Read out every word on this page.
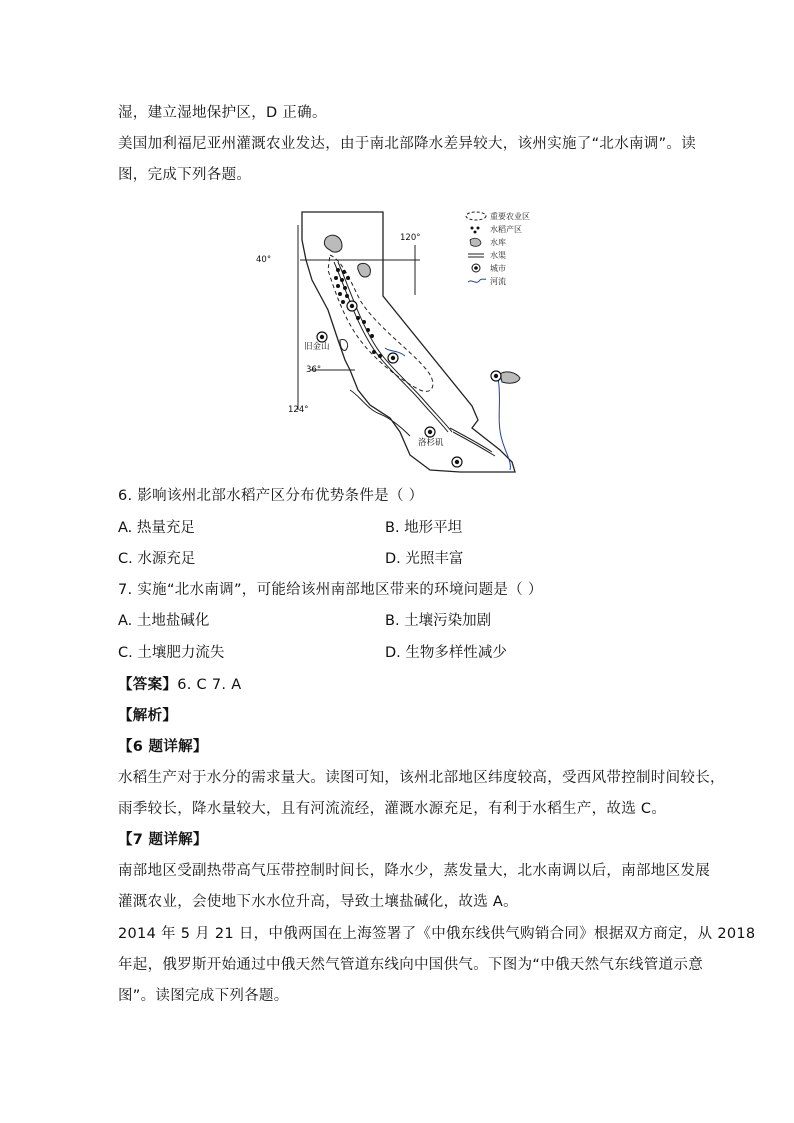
湿，建立湿地保护区，D 正确。
美国加利福尼亚州灌溉农业发达，由于南北部降水差异较大，该州实施了“北水南调”。读
图，完成下列各题。
40°
120°
36°
124°
旧金山
洛杉矶
重要农业区
水稻产区
水库
水渠
城市
河流
6. 影响该州北部水稻产区分布优势条件是（ ）
A. 热量充足	B. 地形平坦
C. 水源充足	D. 光照丰富
7. 实施“北水南调”，可能给该州南部地区带来的环境问题是（ ）
A. 土地盐碱化	B. 土壤污染加剧
C. 土壤肥力流失	D. 生物多样性减少
【答案】6. C 7. A
【解析】
【6 题详解】
水稻生产对于水分的需求量大。读图可知，该州北部地区纬度较高，受西风带控制时间较长，
雨季较长，降水量较大，且有河流流经，灌溉水源充足，有利于水稻生产，故选 C。
【7 题详解】
南部地区受副热带高气压带控制时间长，降水少，蒸发量大，北水南调以后，南部地区发展
灌溉农业，会使地下水水位升高，导致土壤盐碱化，故选 A。
2014 年 5 月 21 日，中俄两国在上海签署了《中俄东线供气购销合同》根据双方商定，从 2018
年起，俄罗斯开始通过中俄天然气管道东线向中国供气。下图为“中俄天然气东线管道示意
图”。读图完成下列各题。
